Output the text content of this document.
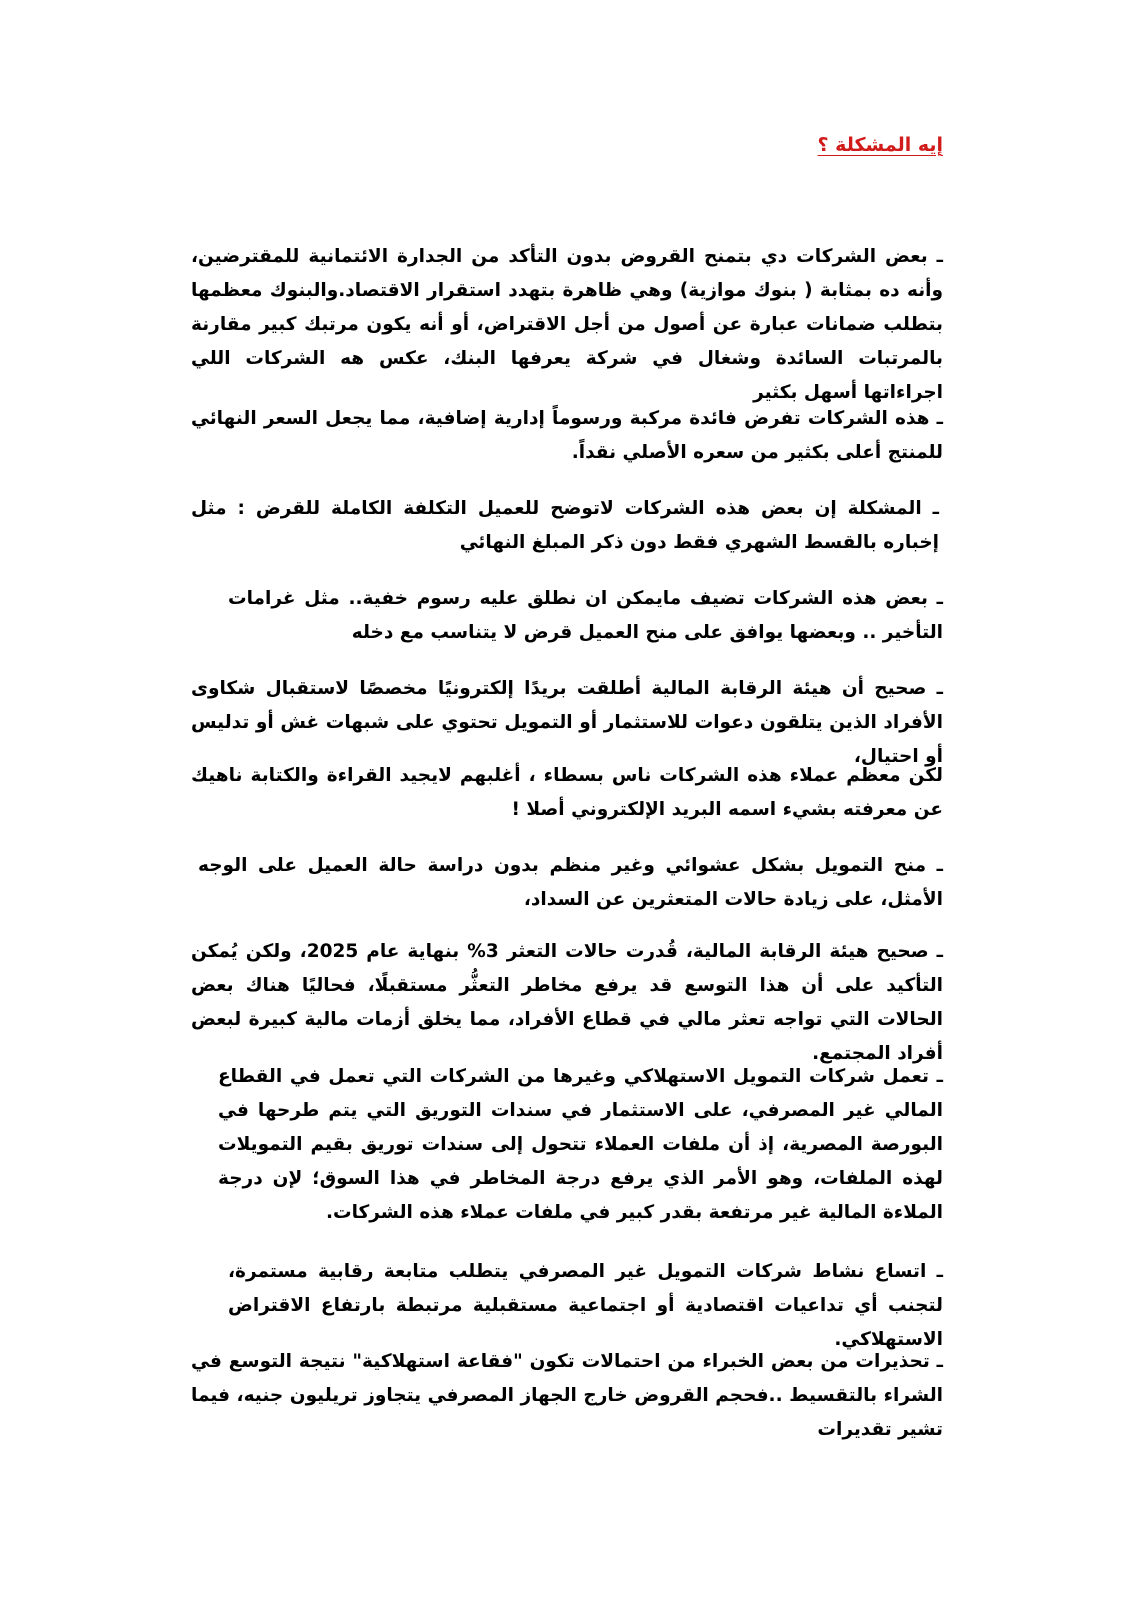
إيه المشكلة ؟

ـ بعض الشركات دي بتمنح القروض بدون التأكد من الجدارة الائتمانية للمقترضين، وأنه ده بمثابة ( بنوك موازية) وهي ظاهرة بتهدد استقرار الاقتصاد.والبنوك معظمها بتطلب ضمانات عبارة عن أصول من أجل الاقتراض، أو أنه يكون مرتبك كبير مقارنة بالمرتبات السائدة وشغال في شركة يعرفها البنك، عكس هه الشركات اللي اجراءاتها أسهل بكثير

ـ هذه الشركات تفرض فائدة مركبة ورسوماً إدارية إضافية، مما يجعل السعر النهائي للمنتج أعلى بكثير من سعره الأصلي نقداً.

ـ المشكلة إن بعض هذه الشركات لاتوضح للعميل التكلفة الكاملة للقرض : مثل إخباره بالقسط الشهري فقط دون ذكر المبلغ النهائي

ـ بعض هذه الشركات تضيف مايمكن ان نطلق عليه رسوم خفية.. مثل غرامات التأخير .. وبعضها يوافق على منح العميل قرض لا يتناسب مع دخله

ـ صحيح أن هيئة الرقابة المالية أطلقت بريدًا إلكترونيًا مخصصًا لاستقبال شكاوى الأفراد الذين يتلقون دعوات للاستثمار أو التمويل تحتوي على شبهات غش أو تدليس أو احتيال،

لكن معظم عملاء هذه الشركات ناس بسطاء ، أغلبهم لايجيد القراءة والكتابة ناهيك عن معرفته بشيء اسمه البريد الإلكتروني أصلا !

ـ منح التمويل بشكل عشوائي وغير منظم بدون دراسة حالة العميل على الوجه الأمثل، على زيادة حالات المتعثرين عن السداد،

ـ صحيح هيئة الرقابة المالية، قُدرت حالات التعثر 3% بنهاية عام 2025، ولكن يُمكن التأكيد على أن هذا التوسع قد يرفع مخاطر التعثُّر مستقبلًا، فحاليًا هناك بعض الحالات التي تواجه تعثر مالي في قطاع الأفراد، مما يخلق أزمات مالية كبيرة لبعض أفراد المجتمع.

ـ تعمل شركات التمويل الاستهلاكي وغيرها من الشركات التي تعمل في القطاع المالي غير المصرفي، على الاستثمار في سندات التوريق التي يتم طرحها في البورصة المصرية، إذ أن ملفات العملاء تتحول إلى سندات توريق بقيم التمويلات لهذه الملفات، وهو الأمر الذي يرفع درجة المخاطر في هذا السوق؛ لإن درجة الملاءة المالية غير مرتفعة بقدر كبير في ملفات عملاء هذه الشركات.

ـ اتساع نشاط شركات التمويل غير المصرفي يتطلب متابعة رقابية مستمرة، لتجنب أي تداعيات اقتصادية أو اجتماعية مستقبلية مرتبطة بارتفاع الاقتراض الاستهلاكي.

ـ تحذيرات من بعض الخبراء من احتمالات تكون "فقاعة استهلاكية" نتيجة التوسع في الشراء بالتقسيط ..فحجم القروض خارج الجهاز المصرفي يتجاوز تريليون جنيه، فيما تشير تقديرات
